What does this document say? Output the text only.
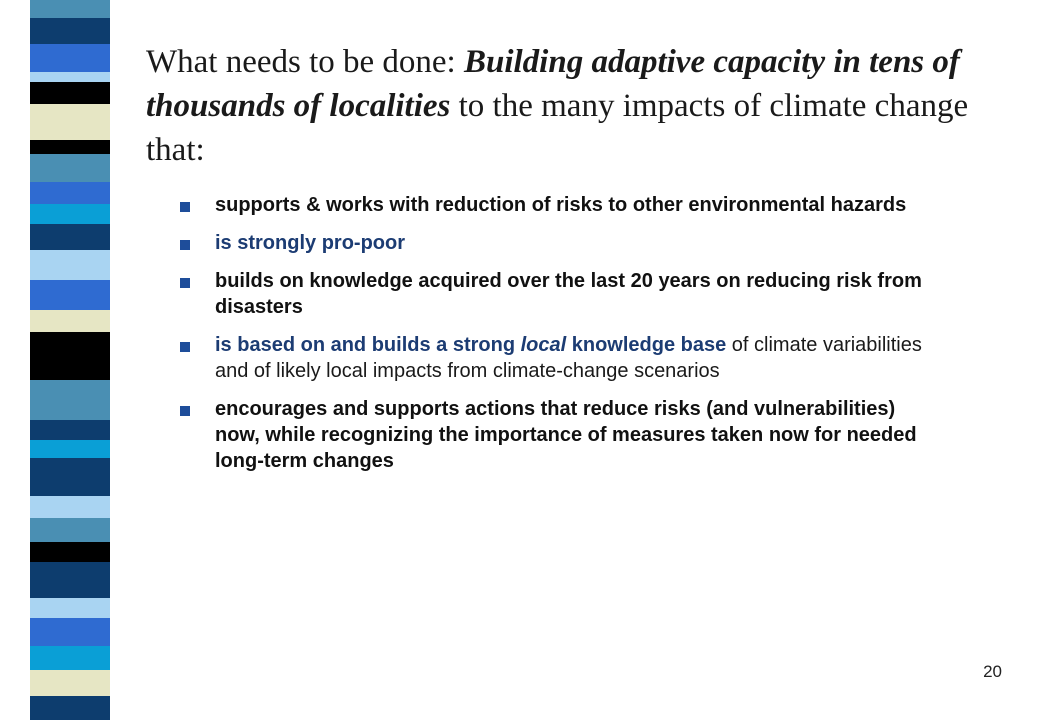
What needs to be done: Building adaptive capacity in tens of thousands of localities to the many impacts of climate change that:
supports & works with reduction of risks to other environmental hazards
is strongly pro-poor
builds on knowledge acquired over the last 20 years on reducing risk from disasters
is based on and builds a strong local knowledge base of climate variabilities and of likely local impacts from climate-change scenarios
encourages and supports actions that reduce risks (and vulnerabilities) now, while recognizing the importance of measures taken now for needed long-term changes
20
